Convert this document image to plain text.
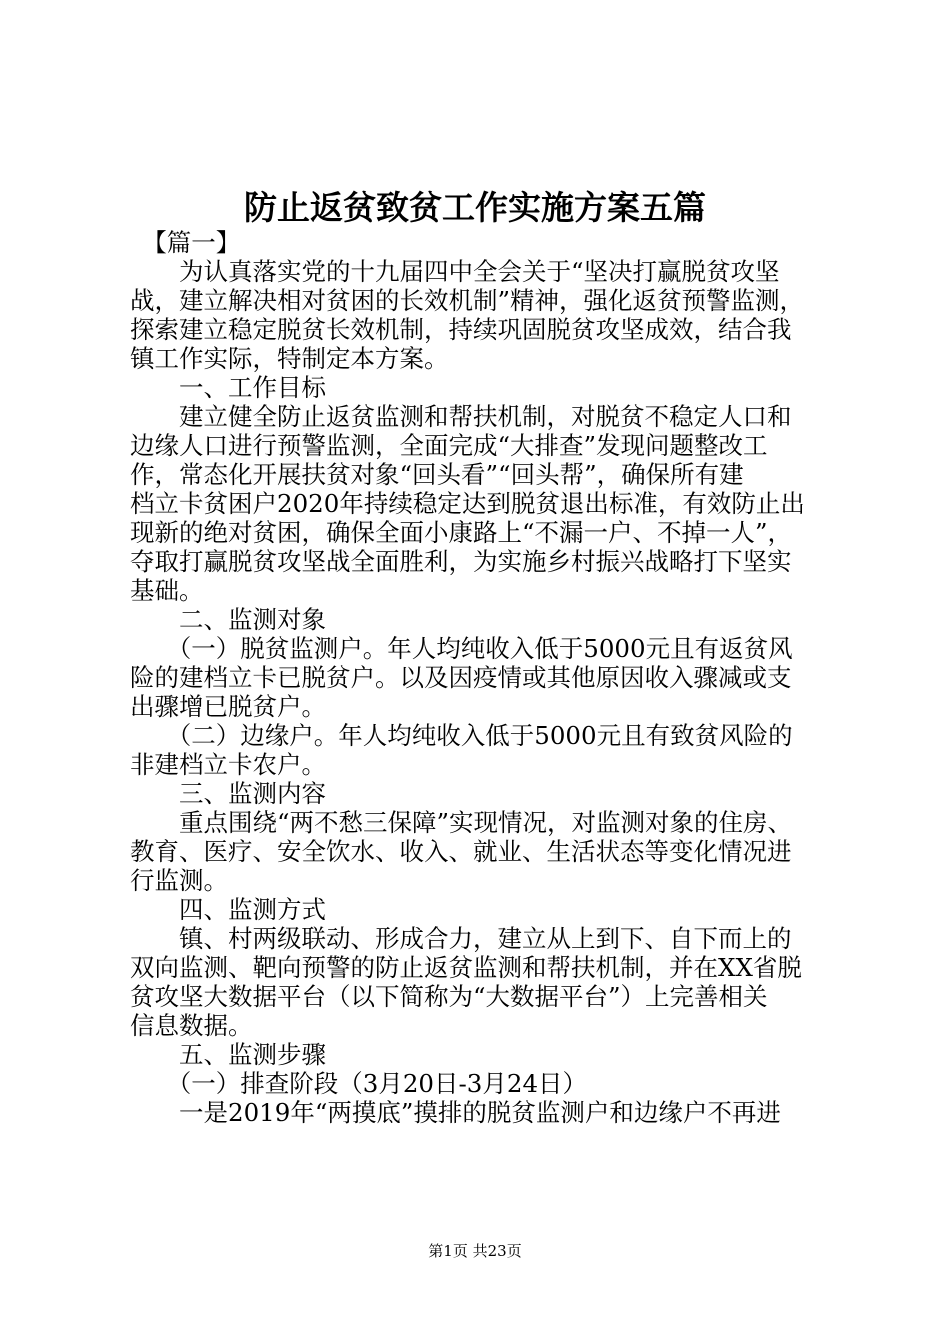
防止返贫致贫工作实施方案五篇
　【篇一】
　　为认真落实党的十九届四中全会关于“坚决打赢脱贫攻坚
战，建立解决相对贫困的长效机制”精神，强化返贫预警监测，
探索建立稳定脱贫长效机制，持续巩固脱贫攻坚成效，结合我
镇工作实际，特制定本方案。
　　一、工作目标
　　建立健全防止返贫监测和帮扶机制，对脱贫不稳定人口和
边缘人口进行预警监测，全面完成“大排查”发现问题整改工
作，常态化开展扶贫对象“回头看”“回头帮”，确保所有建
档立卡贫困户2020年持续稳定达到脱贫退出标准，有效防止出
现新的绝对贫困，确保全面小康路上“不漏一户、不掉一人”，
夺取打赢脱贫攻坚战全面胜利，为实施乡村振兴战略打下坚实
基础。
　　二、监测对象
　　（一）脱贫监测户。年人均纯收入低于5000元且有返贫风
险的建档立卡已脱贫户。以及因疫情或其他原因收入骤减或支
出骤增已脱贫户。
　　（二）边缘户。年人均纯收入低于5000元且有致贫风险的
非建档立卡农户。
　　三、监测内容
　　重点围绕“两不愁三保障”实现情况，对监测对象的住房、
教育、医疗、安全饮水、收入、就业、生活状态等变化情况进
行监测。
　　四、监测方式
　　镇、村两级联动、形成合力，建立从上到下、自下而上的
双向监测、靶向预警的防止返贫监测和帮扶机制，并在XX省脱
贫攻坚大数据平台（以下简称为“大数据平台”）上完善相关
信息数据。
　　五、监测步骤
　　（一）排查阶段（3月20日-3月24日）
　　一是2019年“两摸底”摸排的脱贫监测户和边缘户不再进
第1页 共23页
